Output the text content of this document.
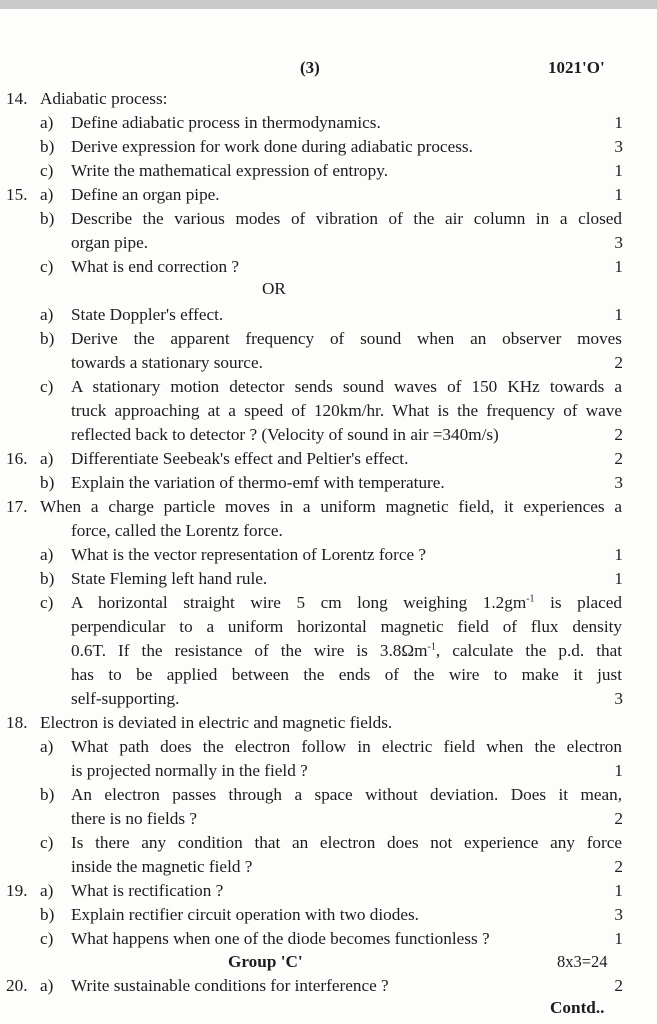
(3)	1021'O'
14. Adiabatic process:
a) Define adiabatic process in thermodynamics.	1
b) Derive expression for work done during adiabatic process.	3
c) Write the mathematical expression of entropy.	1
15. a) Define an organ pipe.	1
b) Describe the various modes of vibration of the air column in a closed
organ pipe.	3
c) What is end correction ?	1
a) State Doppler's effect.	1
b) Derive the apparent frequency of sound when an observer moves
towards a stationary source.	2
c) A stationary motion detector sends sound waves of 150 KHz towards a
truck approaching at a speed of 120km/hr. What is the frequency of wave
reflected back to detector ? (Velocity of sound in air =340m/s)	2
16. a) Differentiate Seebeak's effect and Peltier's effect.	2
b) Explain the variation of thermo-emf with temperature.	3
17. When a charge particle moves in a uniform magnetic field, it experiences a
force, called the Lorentz force.
a) What is the vector representation of Lorentz force ?	1
b) State Fleming left hand rule.	1
c) A horizontal straight wire 5 cm long weighing $1.2gm^{-1}$ is placed
perpendicular to a uniform horizontal magnetic field of flux density
0.6T. If the resistance of the wire is $3.8\Omega m^{-1}$, calculate the p.d. that
has to be applied between the ends of the wire to make it just
self-supporting.	3
18. Electron is deviated in electric and magnetic fields.
a) What path does the electron follow in electric field when the electron
is projected normally in the field ?	1
b) An electron passes through a space without deviation. Does it mean,
there is no fields ?	2
c) Is there any condition that an electron does not experience any force
inside the magnetic field ?	2
19. a) What is rectification ?	1
b) Explain rectifier circuit operation with two diodes.	3
c) What happens when one of the diode becomes functionless ?	1
20. a) Write sustainable conditions for interference ?	2
OR
Group 'C'	8x3=24
Contd..
